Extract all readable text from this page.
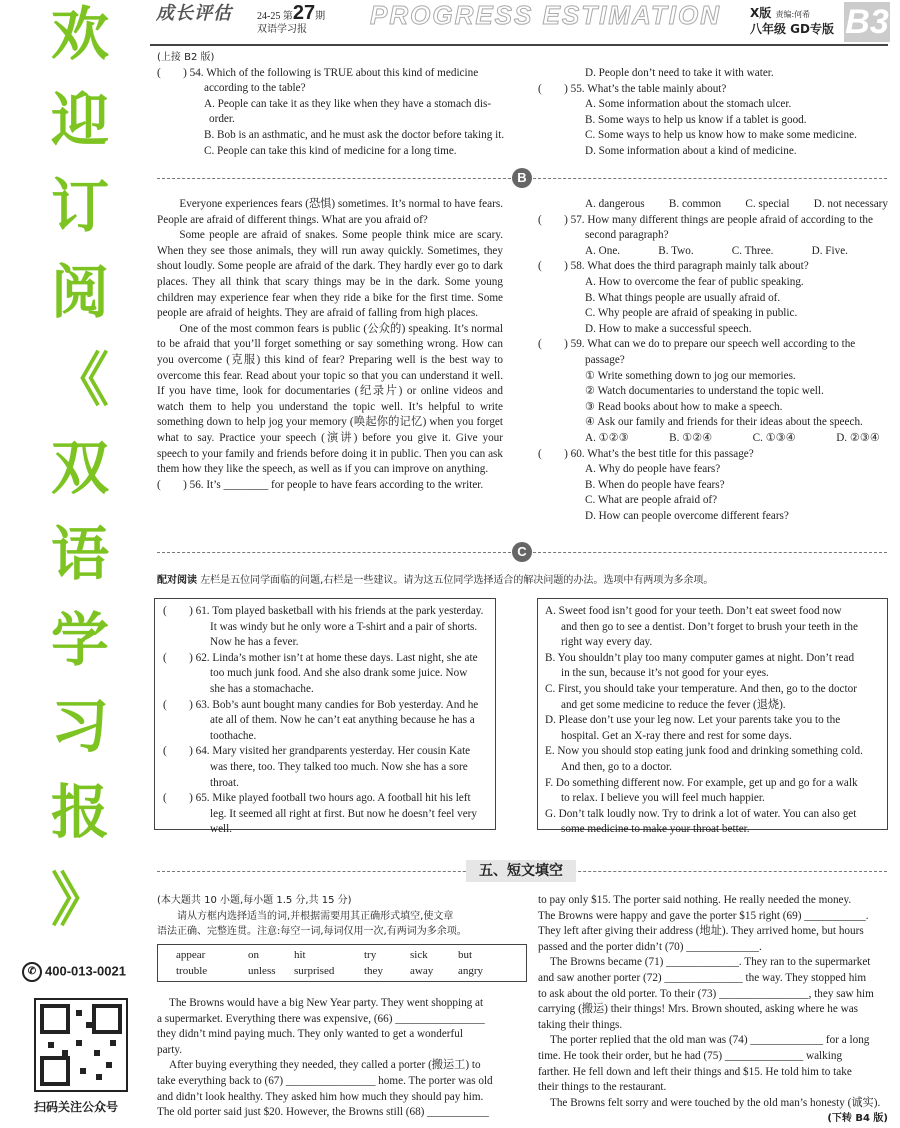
欢
迎
订
阅
《
双
语
学
习
报
》
✆ 400-013-0021
扫码关注公众号
成长评估	24-25 第27期
双语学习报 PROGRESS ESTIMATION X版 责编:何希
八年级 GD专版 B3

(上接 B2 版)

(　　) 54. Which of the following is TRUE about this kind of medicine

according to the table?

A. People can take it as they like when they have a stomach dis-

order.

B. Bob is an asthmatic, and he must ask the doctor before taking it.

C. People can take this kind of medicine for a long time.

D. People don’t need to take it with water.

(　　) 55. What’s the table mainly about?

A. Some information about the stomach ulcer.

B. Some ways to help us know if a tablet is good.

C. Some ways to help us know how to make some medicine.

D. Some information about a kind of medicine.

B

Everyone experiences fears (恐惧) sometimes. It’s normal to have fears. People are afraid of different things. What are you afraid of?

Some people are afraid of snakes. Some people think mice are scary. When they see those animals, they will run away quickly. Sometimes, they shout loudly. Some people are afraid of the dark. They hardly ever go to dark places. They all think that scary things may be in the dark. Some young children may experience fear when they ride a bike for the first time. Some people are afraid of heights. They are afraid of falling from high places.

One of the most common fears is public (公众的) speaking. It’s normal to be afraid that you’ll forget something or say something wrong. How can you overcome (克服) this kind of fear? Preparing well is the best way to overcome this fear. Read about your topic so that you can understand it well. If you have time, look for documentaries (纪录片) or online videos and watch them to help you understand the topic well. It’s helpful to write something down to help jog your memory (唤起你的记忆) when you forget what to say. Practice your speech (演讲) before you give it. Give your speech to your family and friends before doing it in public. Then you can ask them how they like the speech, as well as if you can improve on anything.

(　　) 56. It’s ________ for people to have fears according to the writer.

A. dangerous B. common C. special D. not necessary

(　　) 57. How many different things are people afraid of according to the

second paragraph?

A. One.	B. Two.	C. Three.	D. Five.

(　　) 58. What does the third paragraph mainly talk about?

A. How to overcome the fear of public speaking.

B. What things people are usually afraid of.

C. Why people are afraid of speaking in public.

D. How to make a successful speech.

(　　) 59. What can we do to prepare our speech well according to the

passage?

① Write something down to jog our memories.

② Watch documentaries to understand the topic well.

③ Read books about how to make a speech.

④ Ask our family and friends for their ideas about the speech.

A. ①②③	B. ①②④	C. ①③④	D. ②③④

(　　) 60. What’s the best title for this passage?

A. Why do people have fears?

B. When do people have fears?

C. What are people afraid of?

D. How can people overcome different fears?

C
配对阅读 左栏是五位同学面临的问题,右栏是一些建议。请为这五位同学选择适合的解决问题的办法。选项中有两项为多余项。

(　　) 61. Tom played basketball with his friends at the park yesterday.

It was windy but he only wore a T-shirt and a pair of shorts.

Now he has a fever.

(　　) 62. Linda’s mother isn’t at home these days. Last night, she ate

too much junk food. And she also drank some juice. Now

she has a stomachache.

(　　) 63. Bob’s aunt bought many candies for Bob yesterday. And he

ate all of them. Now he can’t eat anything because he has a

toothache.

(　　) 64. Mary visited her grandparents yesterday. Her cousin Kate

was there, too. They talked too much. Now she has a sore

throat.

(　　) 65. Mike played football two hours ago. A football hit his left

leg. It seemed all right at first. But now he doesn’t feel very

well.

A. Sweet food isn’t good for your teeth. Don’t eat sweet food now

and then go to see a dentist. Don’t forget to brush your teeth in the

right way every day.

B. You shouldn’t play too many computer games at night. Don’t read

in the sun, because it’s not good for your eyes.

C. First, you should take your temperature. And then, go to the doctor

and get some medicine to reduce the fever (退烧).

D. Please don’t use your leg now. Let your parents take you to the

hospital. Get an X-ray there and rest for some days.

E. Now you should stop eating junk food and drinking something cold.

And then, go to a doctor.

F. Do something different now. For example, get up and go for a walk

to relax. I believe you will feel much happier.

G. Don’t talk loudly now. Try to drink a lot of water. You can also get

some medicine to make your throat better.

五、短文填空

(本大题共 10 小题,每小题 1.5 分,共 15 分)

请从方框内选择适当的词,并根据需要用其正确形式填空,使文章

语法正确、完整连贯。注意:每空一词,每词仅用一次,有两词为多余项。

appear	on	hit	try	sick	but
trouble	unless surprised	they away angry

The Browns would have a big New Year party. They went shopping at

a supermarket. Everything there was expensive, (66) ________________

they didn’t mind paying much. They only wanted to get a wonderful

party.

After buying everything they needed, they called a porter (搬运工) to

take everything back to (67) ________________ home. The porter was old

and didn’t look healthy. They asked him how much they should pay him.

The old porter said just $20. However, the Browns still (68) ___________

to pay only $15. The porter said nothing. He really needed the money.

The Browns were happy and gave the porter $15 right (69) ___________.

They left after giving their address (地址). They arrived home, but hours

passed and the porter didn’t (70) _____________.

The Browns became (71) _____________. They ran to the supermarket

and saw another porter (72) ______________ the way. They stopped him

to ask about the old porter. To their (73) ________________, they saw him

carrying (搬运) their things! Mrs. Brown shouted, asking where he was

taking their things.

The porter replied that the old man was (74) _____________ for a long

time. He took their order, but he had (75) ______________ walking

farther. He fell down and left their things and $15. He told him to take

their things to the restaurant.

The Browns felt sorry and were touched by the old man’s honesty (诚实).

(下转 B4 版)
